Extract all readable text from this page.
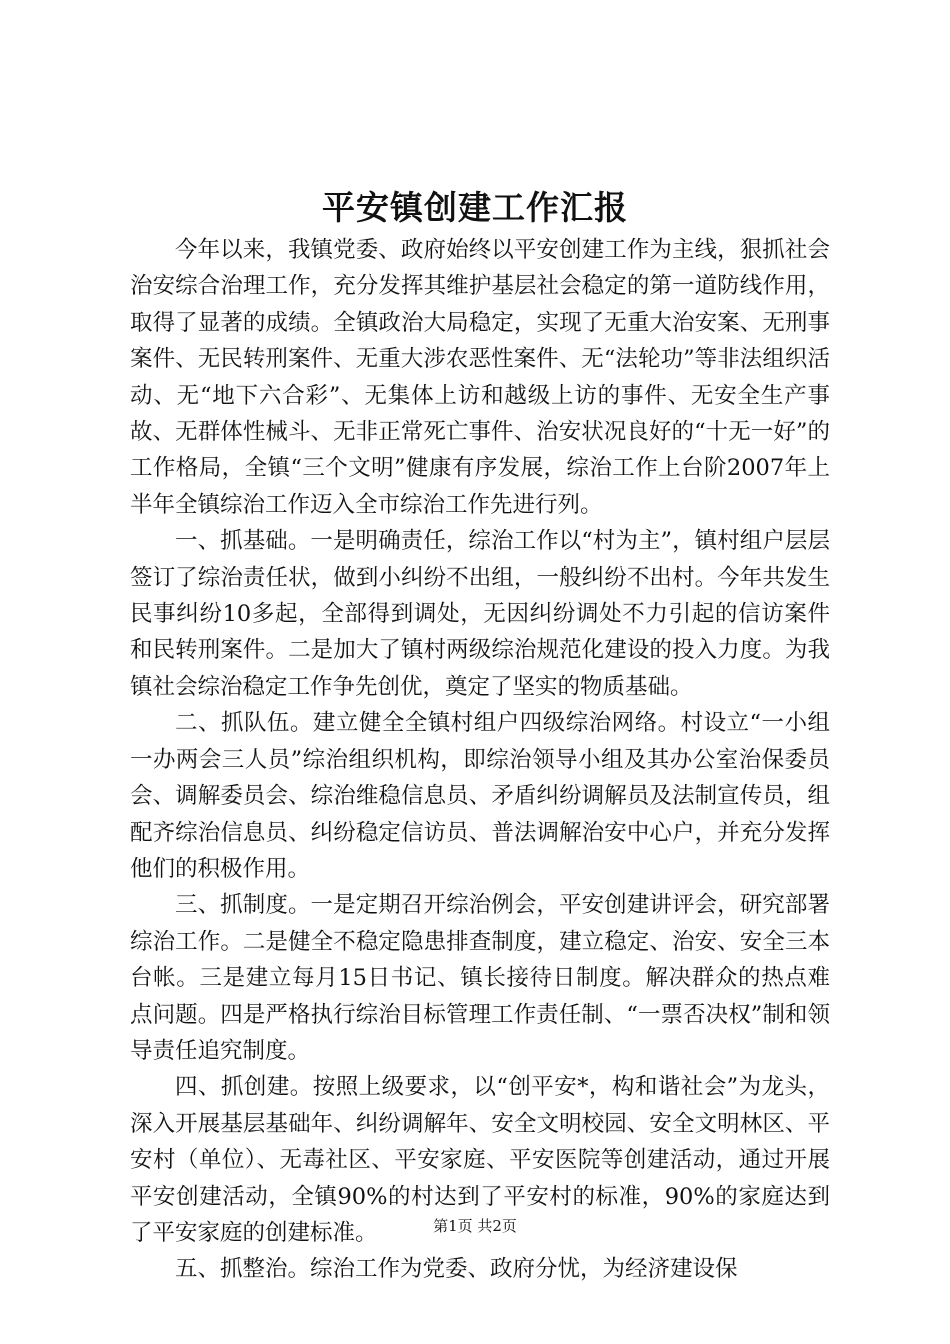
平安镇创建工作汇报

今年以来，我镇党委、政府始终以平安创建工作为主线，狠抓社会治安综合治理工作，充分发挥其维护基层社会稳定的第一道防线作用，取得了显著的成绩。全镇政治大局稳定，实现了无重大治安案、无刑事案件、无民转刑案件、无重大涉农恶性案件、无“法轮功”等非法组织活动、无“地下六合彩”、无集体上访和越级上访的事件、无安全生产事故、无群体性械斗、无非正常死亡事件、治安状况良好的“十无一好”的工作格局，全镇“三个文明”健康有序发展，综治工作上台阶2007年上半年全镇综治工作迈入全市综治工作先进行列。

一、抓基础。一是明确责任，综治工作以“村为主”，镇村组户层层签订了综治责任状，做到小纠纷不出组，一般纠纷不出村。今年共发生民事纠纷10多起，全部得到调处，无因纠纷调处不力引起的信访案件和民转刑案件。二是加大了镇村两级综治规范化建设的投入力度。为我镇社会综治稳定工作争先创优，奠定了坚实的物质基础。

二、抓队伍。建立健全全镇村组户四级综治网络。村设立“一小组一办两会三人员”综治组织机构，即综治领导小组及其办公室治保委员会、调解委员会、综治维稳信息员、矛盾纠纷调解员及法制宣传员，组配齐综治信息员、纠纷稳定信访员、普法调解治安中心户，并充分发挥他们的积极作用。

三、抓制度。一是定期召开综治例会，平安创建讲评会，研究部署综治工作。二是健全不稳定隐患排查制度，建立稳定、治安、安全三本台帐。三是建立每月15日书记、镇长接待日制度。解决群众的热点难点问题。四是严格执行综治目标管理工作责任制、“一票否决权”制和领导责任追究制度。

四、抓创建。按照上级要求，以“创平安*，构和谐社会”为龙头，深入开展基层基础年、纠纷调解年、安全文明校园、安全文明林区、平安村（单位）、无毒社区、平安家庭、平安医院等创建活动，通过开展平安创建活动，全镇90%的村达到了平安村的标准，90%的家庭达到了平安家庭的创建标准。

五、抓整治。综治工作为党委、政府分忧，为经济建设保

第1页 共2页
